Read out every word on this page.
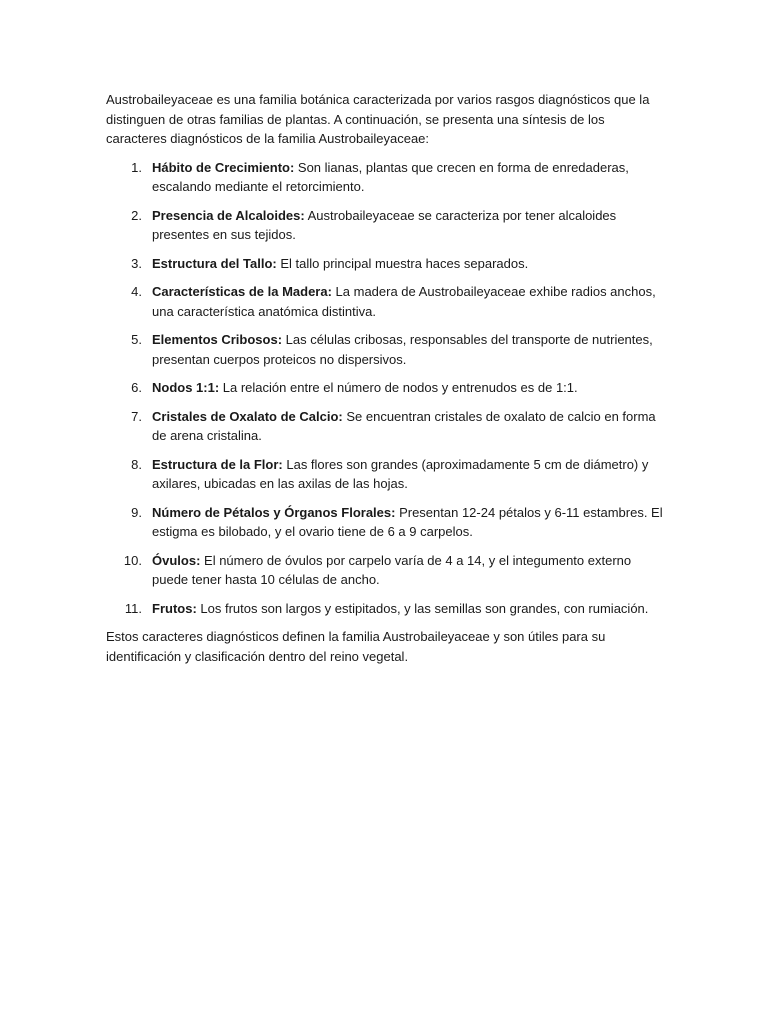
Austrobaileyaceae es una familia botánica caracterizada por varios rasgos diagnósticos que la distinguen de otras familias de plantas. A continuación, se presenta una síntesis de los caracteres diagnósticos de la familia Austrobaileyaceae:

1. Hábito de Crecimiento: Son lianas, plantas que crecen en forma de enredaderas, escalando mediante el retorcimiento.
2. Presencia de Alcaloides: Austrobaileyaceae se caracteriza por tener alcaloides presentes en sus tejidos.
3. Estructura del Tallo: El tallo principal muestra haces separados.
4. Características de la Madera: La madera de Austrobaileyaceae exhibe radios anchos, una característica anatómica distintiva.
5. Elementos Cribosos: Las células cribosas, responsables del transporte de nutrientes, presentan cuerpos proteicos no dispersivos.
6. Nodos 1:1: La relación entre el número de nodos y entrenudos es de 1:1.
7. Cristales de Oxalato de Calcio: Se encuentran cristales de oxalato de calcio en forma de arena cristalina.
8. Estructura de la Flor: Las flores son grandes (aproximadamente 5 cm de diámetro) y axilares, ubicadas en las axilas de las hojas.
9. Número de Pétalos y Órganos Florales: Presentan 12-24 pétalos y 6-11 estambres. El estigma es bilobado, y el ovario tiene de 6 a 9 carpelos.
10. Óvulos: El número de óvulos por carpelo varía de 4 a 14, y el integumento externo puede tener hasta 10 células de ancho.
11. Frutos: Los frutos son largos y estipitados, y las semillas son grandes, con rumiación.

Estos caracteres diagnósticos definen la familia Austrobaileyaceae y son útiles para su identificación y clasificación dentro del reino vegetal.
